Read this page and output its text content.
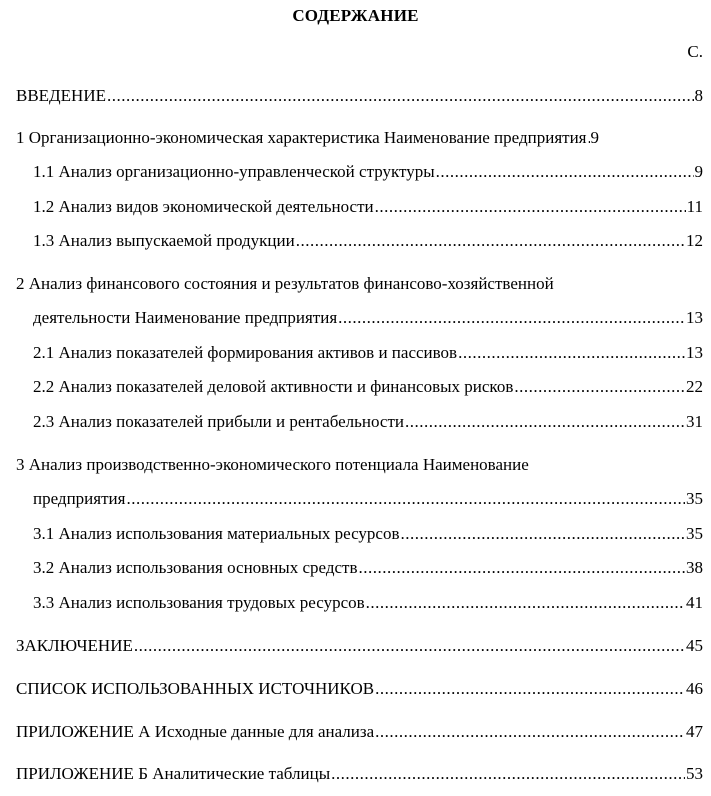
СОДЕРЖАНИЕ
С.
ВВЕДЕНИЕ .....	8
1 Организационно-экономическая характеристика Наименование предприятия ..... 9
1.1 Анализ организационно-управленческой структуры .....	9
1.2 Анализ видов экономической деятельности .....	11
1.3 Анализ выпускаемой продукции .....	12
2 Анализ финансового состояния и результатов финансово-хозяйственной
деятельности Наименование предприятия .....	13
2.1 Анализ показателей формирования активов и пассивов .....	13
2.2 Анализ показателей деловой активности и финансовых рисков .....	22
2.3 Анализ показателей прибыли и рентабельности .....	31
3 Анализ производственно-экономического потенциала Наименование
предприятия .....	35
3.1 Анализ использования материальных ресурсов .....	35
3.2 Анализ использования основных средств .....	38
3.3 Анализ использования трудовых ресурсов .....	41
ЗАКЛЮЧЕНИЕ .....	45
СПИСОК ИСПОЛЬЗОВАННЫХ ИСТОЧНИКОВ .....	46
ПРИЛОЖЕНИЕ А Исходные данные для анализа .....	47
ПРИЛОЖЕНИЕ Б Аналитические таблицы .....	53
